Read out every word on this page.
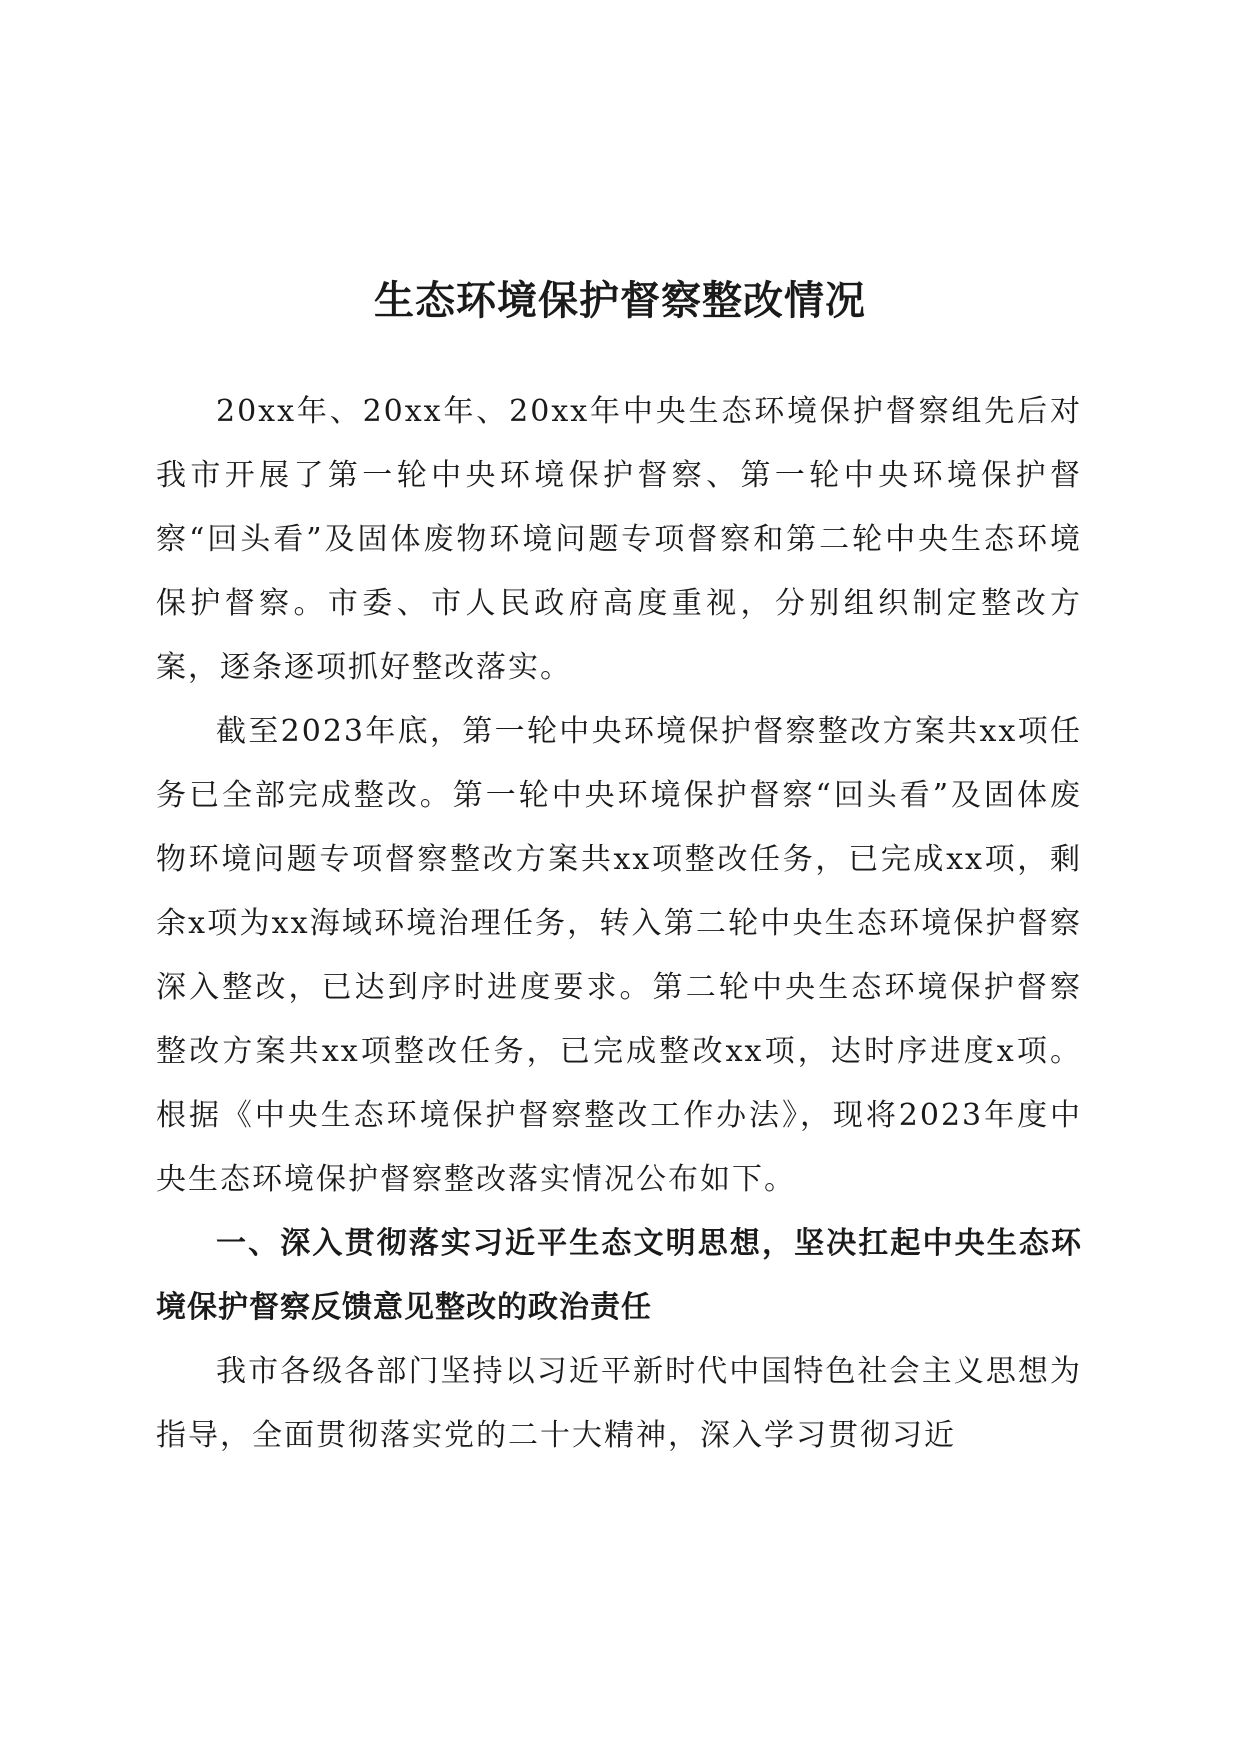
生态环境保护督察整改情况

20xx年、20xx年、20xx年中央生态环境保护督察组先后对我市开展了第一轮中央环境保护督察、第一轮中央环境保护督察“回头看”及固体废物环境问题专项督察和第二轮中央生态环境保护督察。市委、市人民政府高度重视，分别组织制定整改方案，逐条逐项抓好整改落实。

截至2023年底，第一轮中央环境保护督察整改方案共xx项任务已全部完成整改。第一轮中央环境保护督察“回头看”及固体废物环境问题专项督察整改方案共xx项整改任务，已完成xx项，剩余x项为xx海域环境治理任务，转入第二轮中央生态环境保护督察深入整改，已达到序时进度要求。第二轮中央生态环境保护督察整改方案共xx项整改任务，已完成整改xx项，达时序进度x项。根据《中央生态环境保护督察整改工作办法》，现将2023年度中央生态环境保护督察整改落实情况公布如下。

一、深入贯彻落实习近平生态文明思想，坚决扛起中央生态环境保护督察反馈意见整改的政治责任

我市各级各部门坚持以习近平新时代中国特色社会主义思想为指导，全面贯彻落实党的二十大精神，深入学习贯彻习近
